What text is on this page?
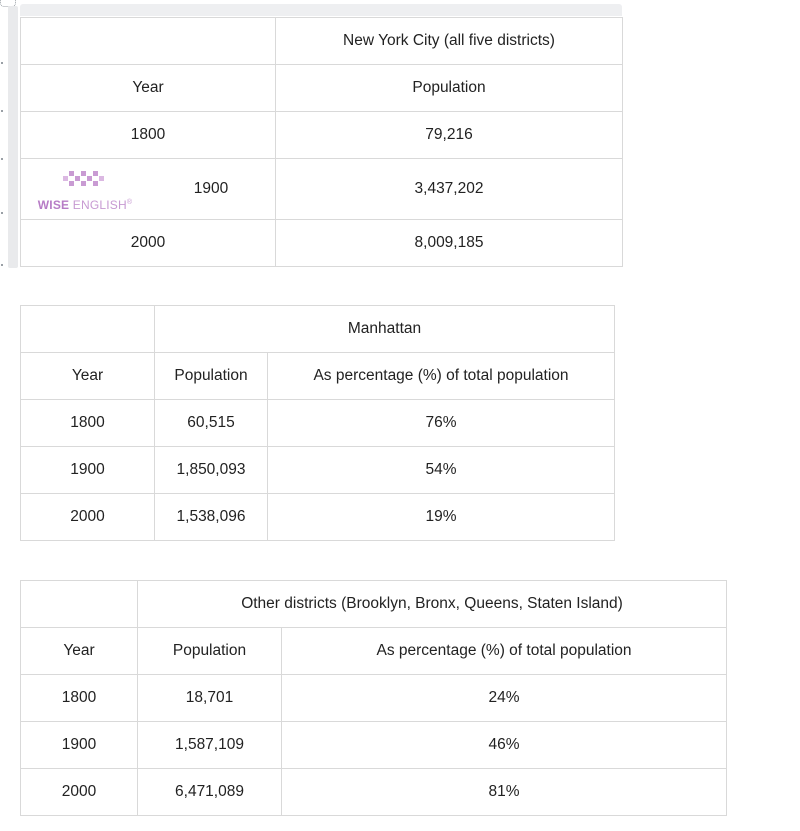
	New York City (all five districts)
Year	Population
1800	79,216

WISE ENGLISH®
1900	3,437,202
2000	8,009,185
	Manhattan	
Year	Population	As percentage (%) of total population
1800	60,515	76%
1900	1,850,093	54%
2000	1,538,096	19%
	Other districts (Brooklyn, Bronx, Queens, Staten Island)	
Year	Population	As percentage (%) of total population
1800	18,701	24%
1900	1,587,109	46%
2000	6,471,089	81%
